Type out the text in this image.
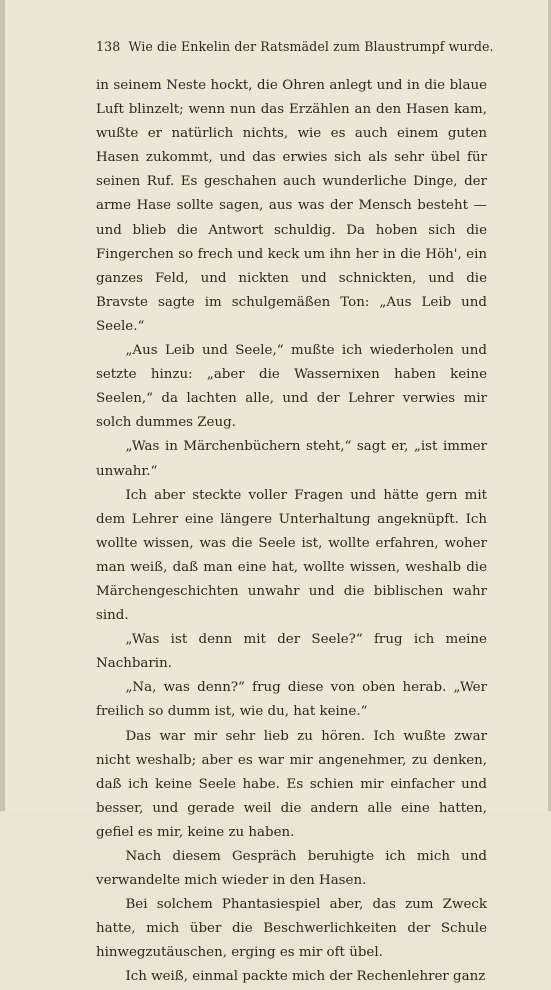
138 Wie die Enkelin der Ratsmädel zum Blaustrumpf wurde.

in seinem Neste hockt, die Ohren anlegt und in die blaue Luft blinzelt; wenn nun das Erzählen an den Hasen kam, wußte er natürlich nichts, wie es auch einem guten Hasen zukommt, und das erwies sich als sehr übel für seinen Ruf. Es geschahen auch wunderliche Dinge, der arme Hase sollte sagen, aus was der Mensch besteht — und blieb die Antwort schuldig. Da hoben sich die Fingerchen so frech und keck um ihn her in die Höh', ein ganzes Feld, und nickten und schnickten, und die Bravste sagte im schulgemäßen Ton: „Aus Leib und Seele.“

„Aus Leib und Seele,“ mußte ich wiederholen und setzte hinzu: „aber die Wassernixen haben keine Seelen,“ da lachten alle, und der Lehrer verwies mir solch dummes Zeug.

„Was in Märchenbüchern steht,“ sagt er, „ist immer unwahr.“

Ich aber steckte voller Fragen und hätte gern mit dem Lehrer eine längere Unterhaltung angeknüpft. Ich wollte wissen, was die Seele ist, wollte erfahren, woher man weiß, daß man eine hat, wollte wissen, weshalb die Märchengeschichten unwahr und die biblischen wahr sind.

„Was ist denn mit der Seele?“ frug ich meine Nachbarin.

„Na, was denn?“ frug diese von oben herab. „Wer freilich so dumm ist, wie du, hat keine.“

Das war mir sehr lieb zu hören. Ich wußte zwar nicht weshalb; aber es war mir angenehmer, zu denken, daß ich keine Seele habe. Es schien mir einfacher und besser, und gerade weil die andern alle eine hatten, gefiel es mir, keine zu haben.

Nach diesem Gespräch beruhigte ich mich und verwandelte mich wieder in den Hasen.

Bei solchem Phantasiespiel aber, das zum Zweck hatte, mich über die Beschwerlichkeiten der Schule hinwegzutäuschen, erging es mir oft übel.

Ich weiß, einmal packte mich der Rechenlehrer ganz
